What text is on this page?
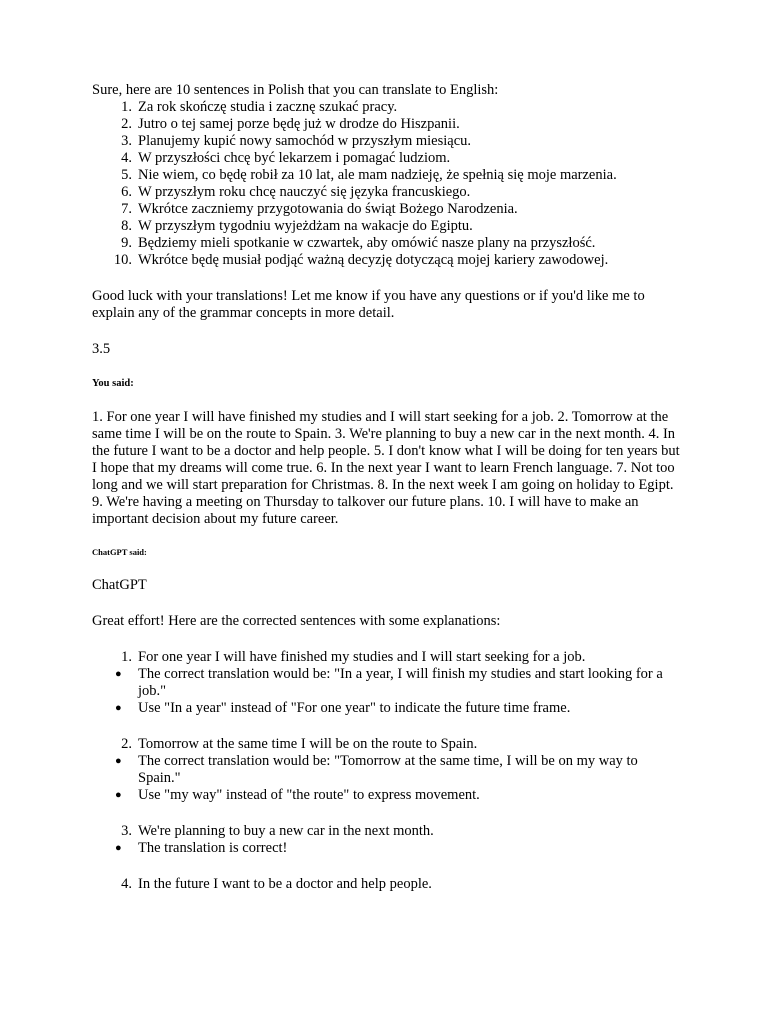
Sure, here are 10 sentences in Polish that you can translate to English:

1. Za rok skończę studia i zacznę szukać pracy.
2. Jutro o tej samej porze będę już w drodze do Hiszpanii.
3. Planujemy kupić nowy samochód w przyszłym miesiącu.
4. W przyszłości chcę być lekarzem i pomagać ludziom.
5. Nie wiem, co będę robił za 10 lat, ale mam nadzieję, że spełnią się moje marzenia.
6. W przyszłym roku chcę nauczyć się języka francuskiego.
7. Wkrótce zaczniemy przygotowania do świąt Bożego Narodzenia.
8. W przyszłym tygodniu wyjeżdżam na wakacje do Egiptu.
9. Będziemy mieli spotkanie w czwartek, aby omówić nasze plany na przyszłość.
10. Wkrótce będę musiał podjąć ważną decyzję dotyczącą mojej kariery zawodowej.

Good luck with your translations! Let me know if you have any questions or if you'd like me to explain any of the grammar concepts in more detail.

3.5

You said:

1. For one year I will have finished my studies and I will start seeking for a job. 2. Tomorrow at the same time I will be on the route to Spain. 3. We're planning to buy a new car in the next month. 4. In the future I want to be a doctor and help people. 5. I don't know what I will be doing for ten years but I hope that my dreams will come true. 6. In the next year I want to learn French language. 7. Not too long and we will start preparation for Christmas. 8. In the next week I am going on holiday to Egipt. 9. We're having a meeting on Thursday to talkover our future plans. 10. I will have to make an important decision about my future career.

ChatGPT said:

ChatGPT

Great effort! Here are the corrected sentences with some explanations:

1. For one year I will have finished my studies and I will start seeking for a job.
● The correct translation would be: "In a year, I will finish my studies and start looking for a job."
● Use "In a year" instead of "For one year" to indicate the future time frame.
2. Tomorrow at the same time I will be on the route to Spain.
● The correct translation would be: "Tomorrow at the same time, I will be on my way to Spain."
● Use "my way" instead of "the route" to express movement.
3. We're planning to buy a new car in the next month.
● The translation is correct!
4. In the future I want to be a doctor and help people.
